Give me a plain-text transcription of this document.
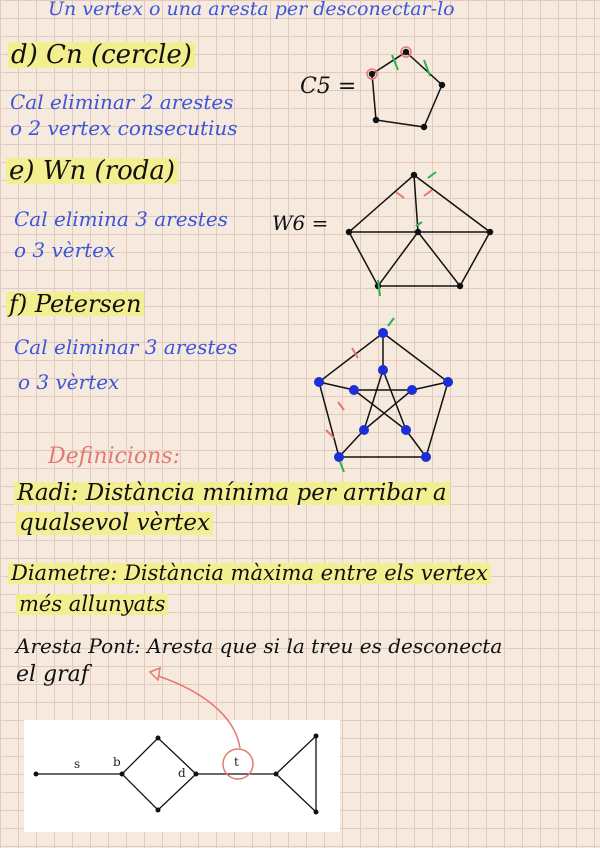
Un vertex o una aresta per desconectar-lo
d) Cn (cercle)
Cal eliminar 2 arestes
o 2 vertex consecutius
C5 =
e) Wn (roda)
Cal elimina 3 arestes
o 3 vèrtex
W6 =
f) Petersen
Cal eliminar 3 arestes
o 3 vèrtex
Definicions:
Radi: Distància mínima per arribar a
qualsevol vèrtex
Diametre: Distància màxima entre els vertex
més allunyats
Aresta Pont: Aresta que si la treu es desconecta
el graf
s	b
d
t
